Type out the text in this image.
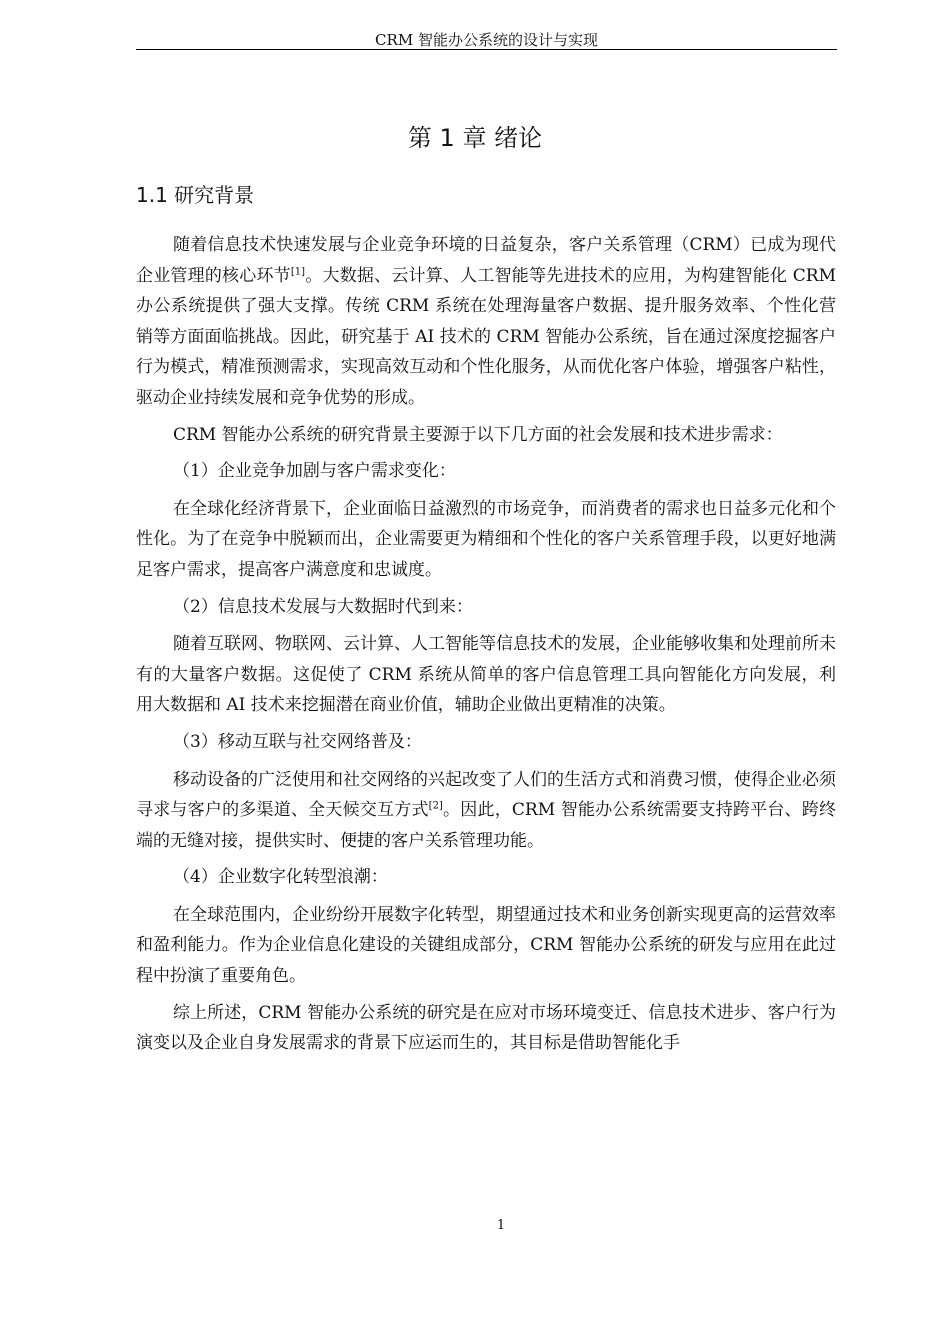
CRM 智能办公系统的设计与实现
第 1 章 绪论
1.1 研究背景

随着信息技术快速发展与企业竞争环境的日益复杂，客户关系管理（CRM）已成为现代企业管理的核心环节[1]。大数据、云计算、人工智能等先进技术的应用，为构建智能化 CRM 办公系统提供了强大支撑。传统 CRM 系统在处理海量客户数据、提升服务效率、个性化营销等方面面临挑战。因此，研究基于 AI 技术的 CRM 智能办公系统，旨在通过深度挖掘客户行为模式，精准预测需求，实现高效互动和个性化服务，从而优化客户体验，增强客户粘性，驱动企业持续发展和竞争优势的形成。

CRM 智能办公系统的研究背景主要源于以下几方面的社会发展和技术进步需求：

（1）企业竞争加剧与客户需求变化：

在全球化经济背景下，企业面临日益激烈的市场竞争，而消费者的需求也日益多元化和个性化。为了在竞争中脱颖而出，企业需要更为精细和个性化的客户关系管理手段，以更好地满足客户需求，提高客户满意度和忠诚度。

（2）信息技术发展与大数据时代到来：

随着互联网、物联网、云计算、人工智能等信息技术的发展，企业能够收集和处理前所未有的大量客户数据。这促使了 CRM 系统从简单的客户信息管理工具向智能化方向发展，利用大数据和 AI 技术来挖掘潜在商业价值，辅助企业做出更精准的决策。

（3）移动互联与社交网络普及：

移动设备的广泛使用和社交网络的兴起改变了人们的生活方式和消费习惯，使得企业必须寻求与客户的多渠道、全天候交互方式[2]。因此，CRM 智能办公系统需要支持跨平台、跨终端的无缝对接，提供实时、便捷的客户关系管理功能。

（4）企业数字化转型浪潮：

在全球范围内，企业纷纷开展数字化转型，期望通过技术和业务创新实现更高的运营效率和盈利能力。作为企业信息化建设的关键组成部分，CRM 智能办公系统的研发与应用在此过程中扮演了重要角色。

综上所述，CRM 智能办公系统的研究是在应对市场环境变迁、信息技术进步、客户行为演变以及企业自身发展需求的背景下应运而生的，其目标是借助智能化手

1
